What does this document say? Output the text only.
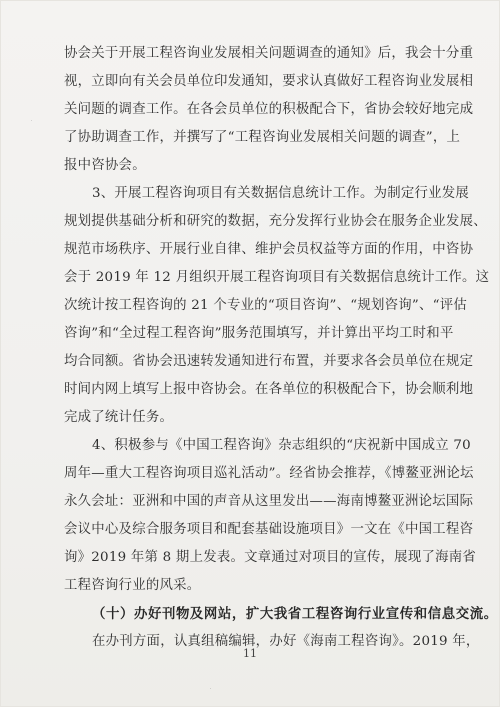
协会关于开展工程咨询业发展相关问题调查的通知》后，我会十分重
视，立即向有关会员单位印发通知，要求认真做好工程咨询业发展相
关问题的调查工作。在各会员单位的积极配合下，省协会较好地完成
了协助调查工作，并撰写了“工程咨询业发展相关问题的调查”，上
报中咨协会。
3、开展工程咨询项目有关数据信息统计工作。为制定行业发展
规划提供基础分析和研究的数据，充分发挥行业协会在服务企业发展、
规范市场秩序、开展行业自律、维护会员权益等方面的作用，中咨协
会于 2019 年 12 月组织开展工程咨询项目有关数据信息统计工作。这
次统计按工程咨询的 21 个专业的“项目咨询”、“规划咨询”、“评估
咨询”和“全过程工程咨询”服务范围填写，并计算出平均工时和平
均合同额。省协会迅速转发通知进行布置，并要求各会员单位在规定
时间内网上填写上报中咨协会。在各单位的积极配合下，协会顺利地
完成了统计任务。
4、积极参与《中国工程咨询》杂志组织的“庆祝新中国成立 70
周年—重大工程咨询项目巡礼活动”。经省协会推荐，《博鳌亚洲论坛
永久会址：亚洲和中国的声音从这里发出——海南博鳌亚洲论坛国际
会议中心及综合服务项目和配套基础设施项目》一文在《中国工程咨
询》2019 年第 8 期上发表。文章通过对项目的宣传，展现了海南省
工程咨询行业的风采。
（十）办好刊物及网站，扩大我省工程咨询行业宣传和信息交流。
在办刊方面，认真组稿编辑，办好《海南工程咨询》。2019 年，
11
